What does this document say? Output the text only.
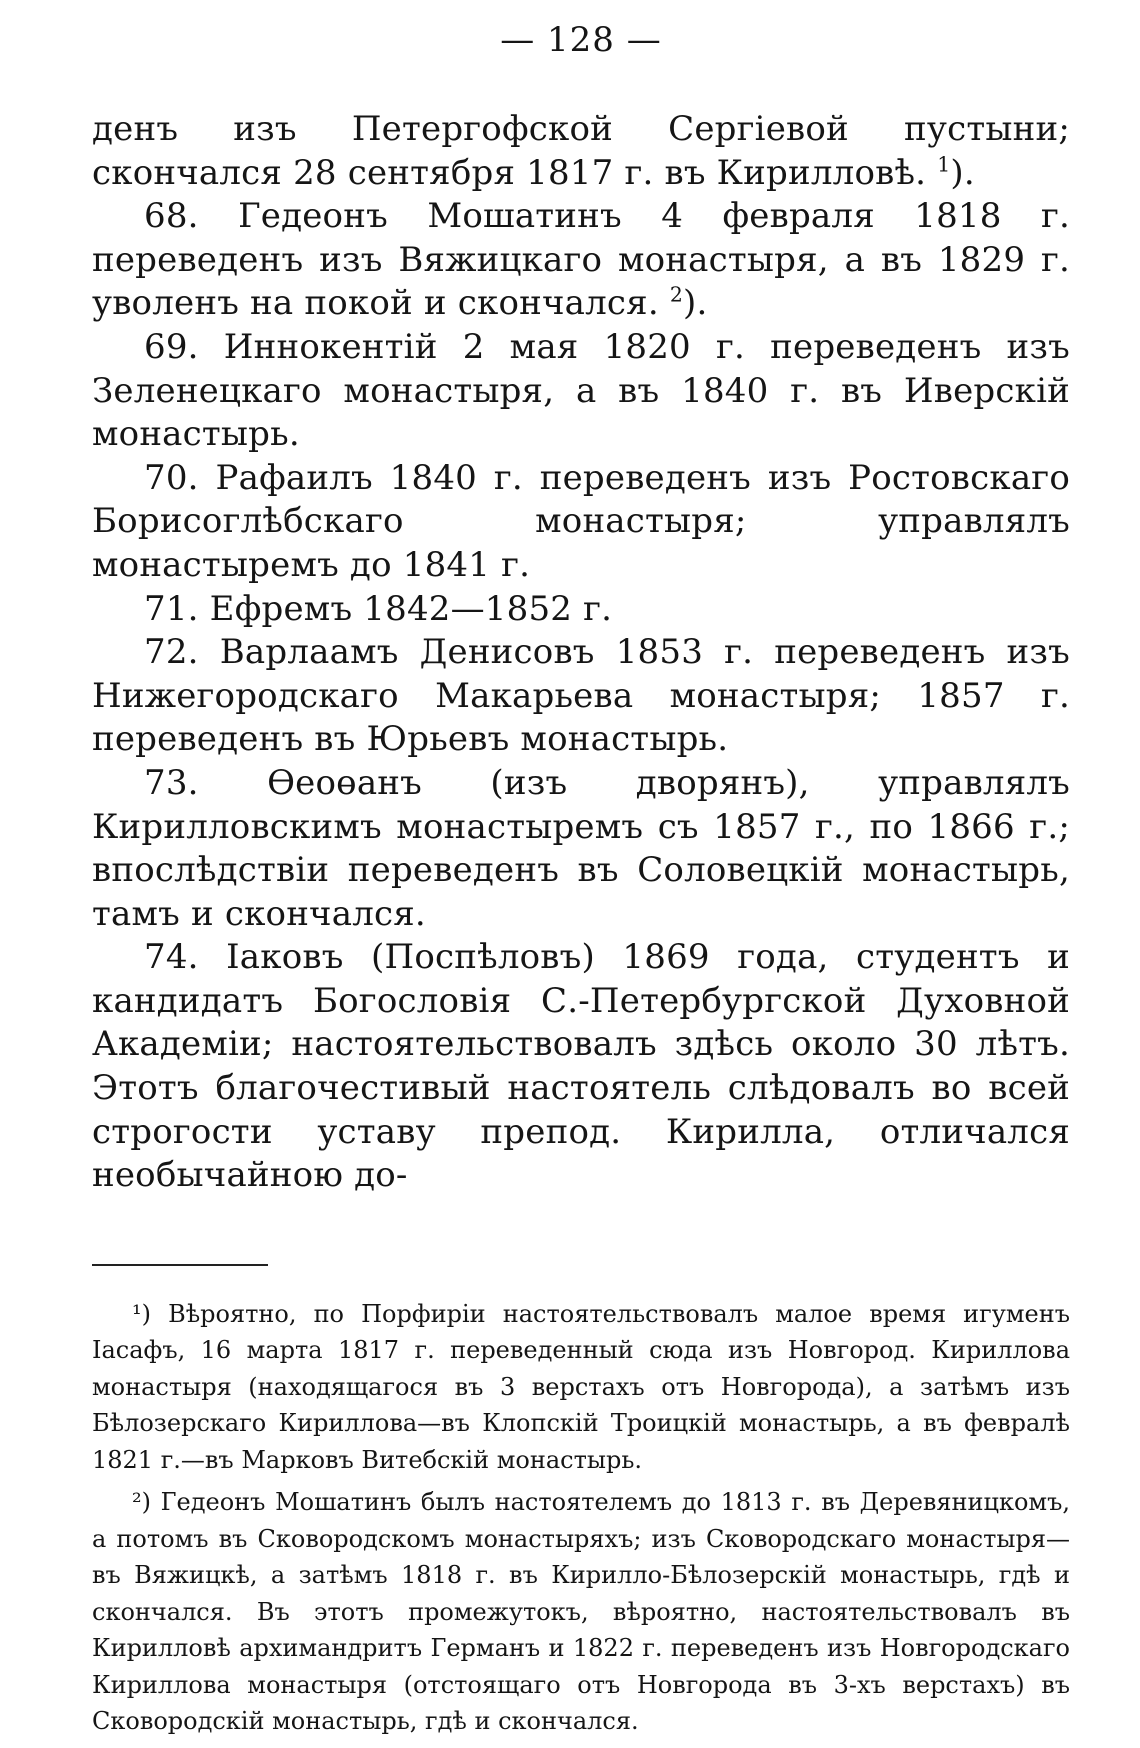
— 128 —

денъ изъ Петергофской Сергіевой пустыни; скончался 28 сентября 1817 г. въ Кирилловѣ. $^1$).

68. Гедеонъ Мошатинъ 4 февраля 1818 г. переведенъ изъ Вяжицкаго монастыря, а въ 1829 г. уволенъ на покой и скончался. $^2$).

69. Иннокентій 2 мая 1820 г. переведенъ изъ Зеленецкаго монастыря, а въ 1840 г. въ Иверскій монастырь.

70. Рафаилъ 1840 г. переведенъ изъ Ростовскаго Борисоглѣбскаго монастыря; управлялъ монастыремъ до 1841 г.

71. Ефремъ 1842—1852 г.

72. Варлаамъ Денисовъ 1853 г. переведенъ изъ Нижегородскаго Макарьева монастыря; 1857 г. переведенъ въ Юрьевъ монастырь.

73. Өеоөанъ (изъ дворянъ), управлялъ Кирилловскимъ монастыремъ съ 1857 г., по 1866 г.; впослѣдствіи переведенъ въ Соловецкій монастырь, тамъ и скончался.

74. Іаковъ (Поспѣловъ) 1869 года, студентъ и кандидатъ Богословія С.-Петербургской Духовной Академіи; настоятельствовалъ здѣсь около 30 лѣтъ. Этотъ благочестивый настоятель слѣдовалъ во всей строгости уставу препод. Кирилла, отличался необычайною до-

¹) Вѣроятно, по Порфиріи настоятельствовалъ малое время игуменъ Іасафъ, 16 марта 1817 г. переведенный сюда изъ Новгород. Кириллова монастыря (находящагося въ 3 верстахъ отъ Новгорода), а затѣмъ изъ Бѣлозерскаго Кириллова—въ Клопскій Троицкій монастырь, а въ февралѣ 1821 г.—въ Марковъ Витебскій монастырь.

²) Гедеонъ Мошатинъ былъ настоятелемъ до 1813 г. въ Деревяницкомъ, а потомъ въ Сковородскомъ монастыряхъ; изъ Сковородскаго монастыря—въ Вяжицкѣ, а затѣмъ 1818 г. въ Кирилло-Бѣлозерскій монастырь, гдѣ и скончался. Въ этотъ промежутокъ, вѣроятно, настоятельствовалъ въ Кирилловѣ архимандритъ Германъ и 1822 г. переведенъ изъ Новгородскаго Кириллова монастыря (отстоящаго отъ Новгорода въ 3-хъ верстахъ) въ Сковородскій монастырь, гдѣ и скончался.
